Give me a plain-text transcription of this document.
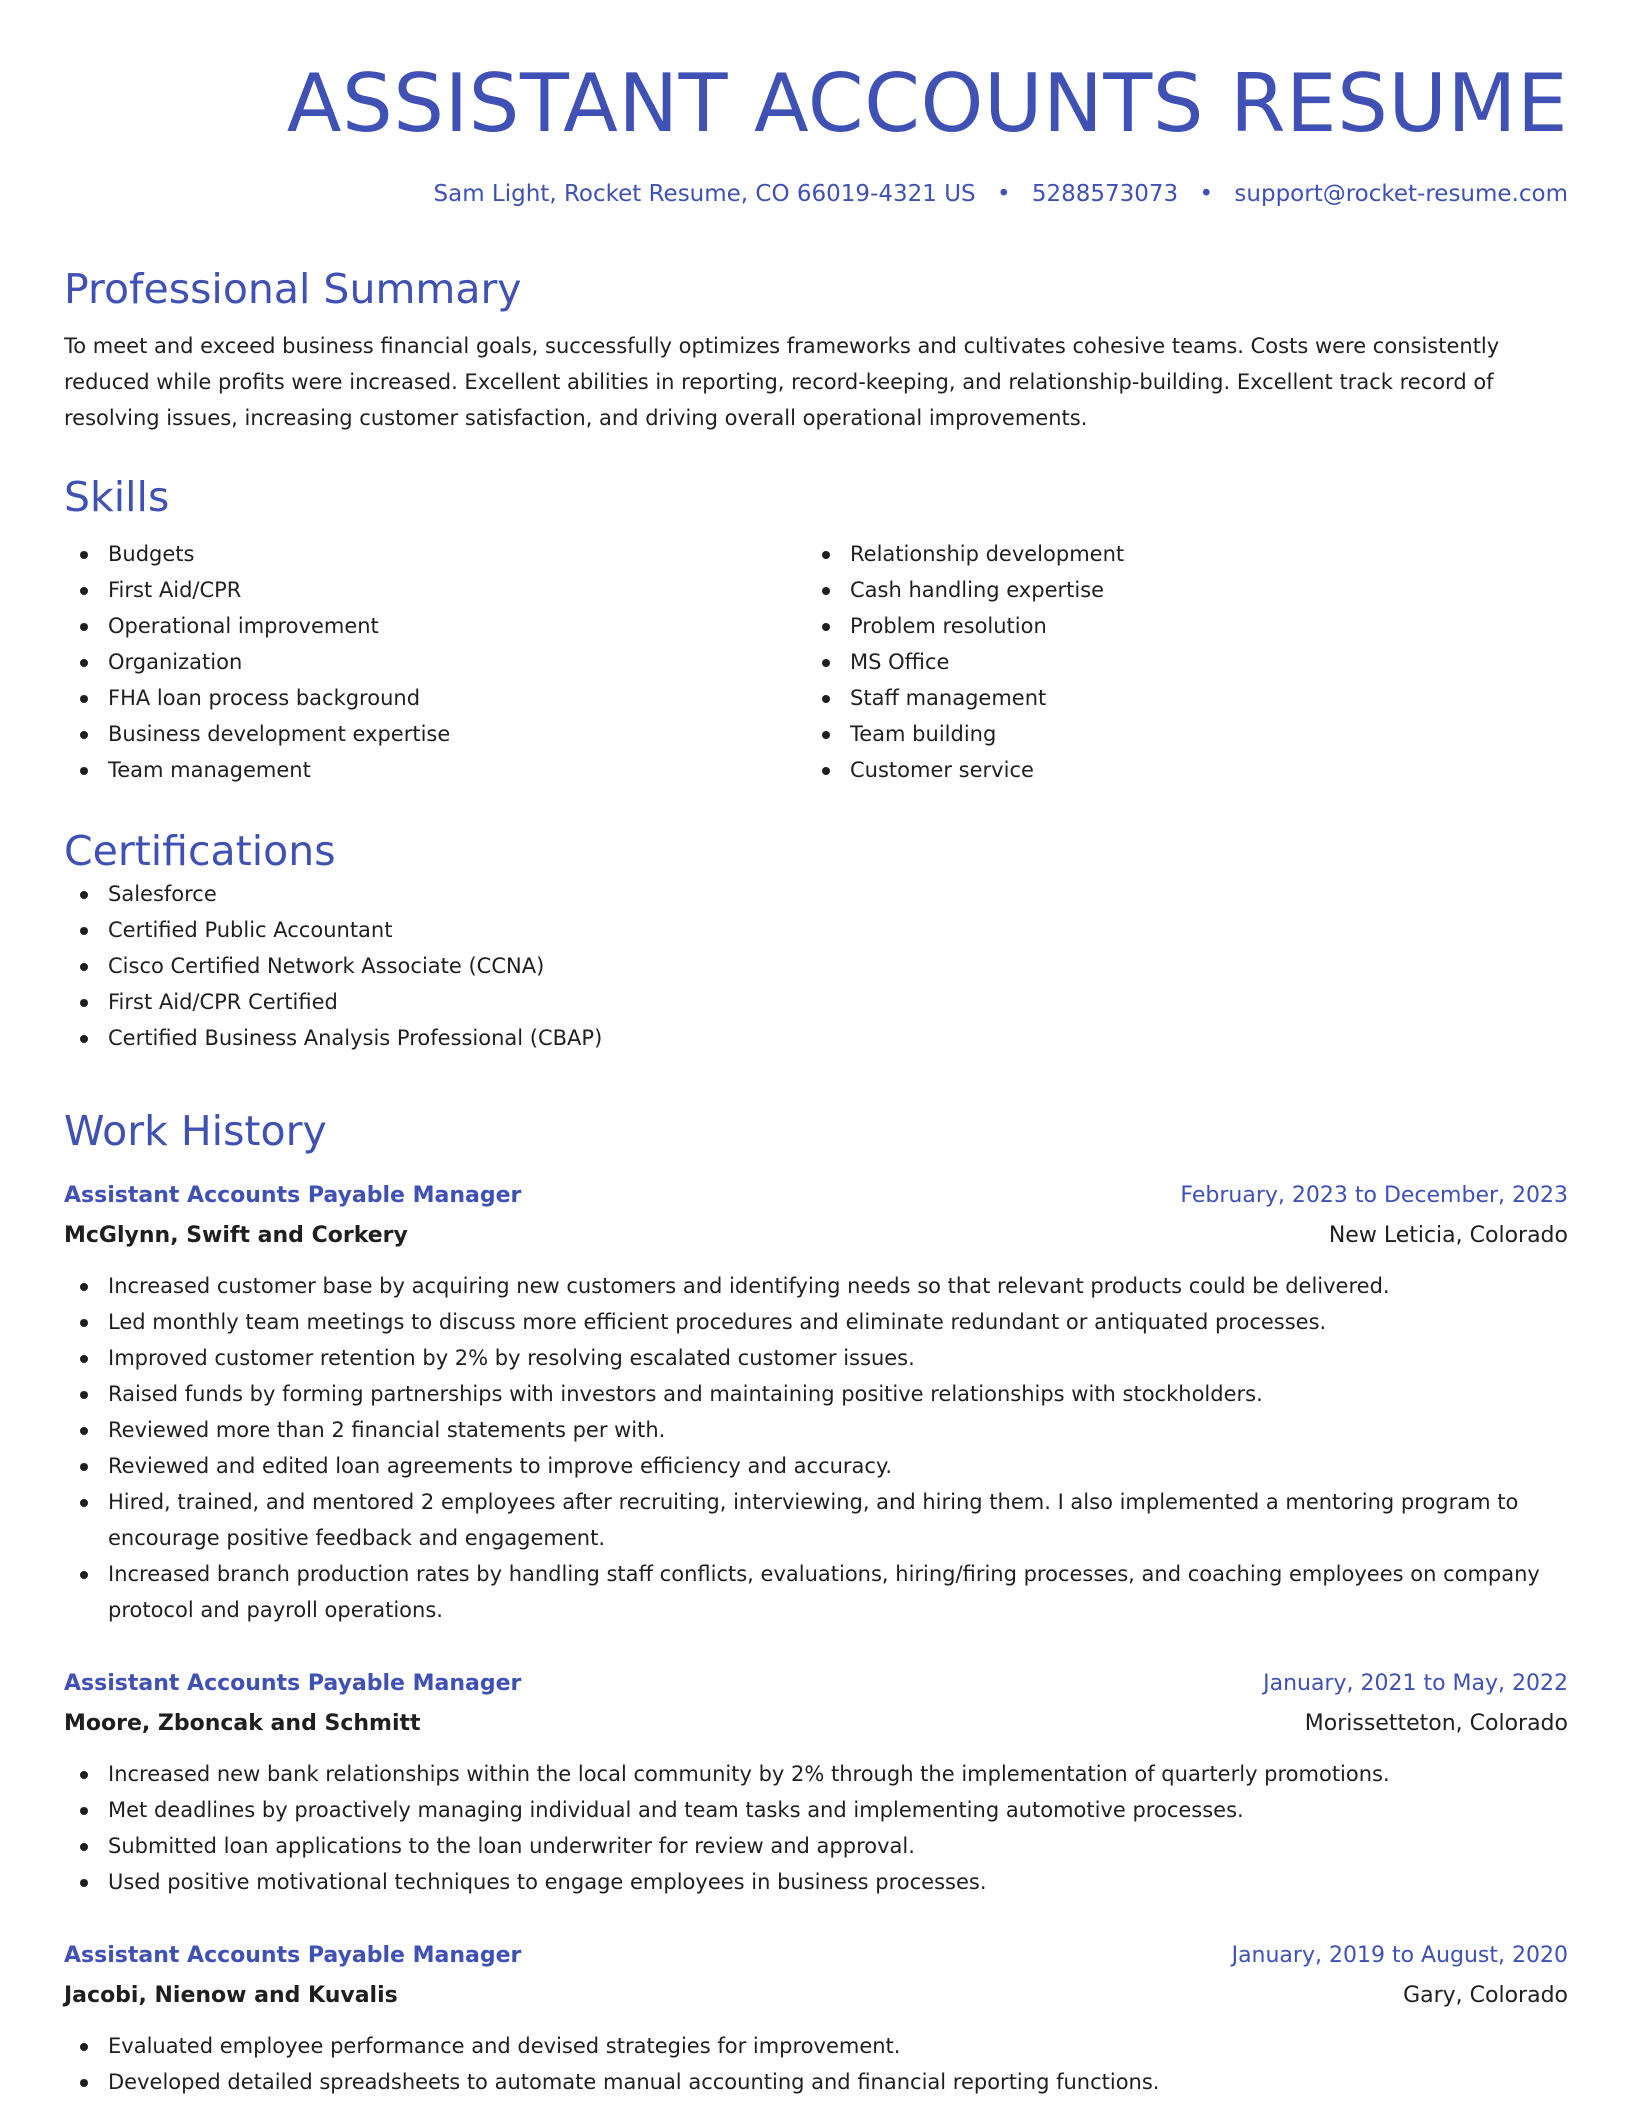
ASSISTANT ACCOUNTS RESUME
Sam Light, Rocket Resume, CO 66019-4321 US • 5288573073 • support@rocket-resume.com
Professional Summary

To meet and exceed business financial goals, successfully optimizes frameworks and cultivates cohesive teams. Costs were consistently reduced while profits were increased. Excellent abilities in reporting, record-keeping, and relationship-building. Excellent track record of resolving issues, increasing customer satisfaction, and driving overall operational improvements.

Skills
Budgets
First Aid/CPR
Operational improvement
Organization
FHA loan process background
Business development expertise
Team management
Relationship development
Cash handling expertise
Problem resolution
MS Office
Staff management
Team building
Customer service
Certifications
Salesforce
Certified Public Accountant
Cisco Certified Network Associate (CCNA)
First Aid/CPR Certified
Certified Business Analysis Professional (CBAP)
Work History
Assistant Accounts Payable Manager	February, 2023 to December, 2023
McGlynn, Swift and Corkery	New Leticia, Colorado
Increased customer base by acquiring new customers and identifying needs so that relevant products could be delivered.
Led monthly team meetings to discuss more efficient procedures and eliminate redundant or antiquated processes.
Improved customer retention by 2% by resolving escalated customer issues.
Raised funds by forming partnerships with investors and maintaining positive relationships with stockholders.
Reviewed more than 2 financial statements per with.
Reviewed and edited loan agreements to improve efficiency and accuracy.
Hired, trained, and mentored 2 employees after recruiting, interviewing, and hiring them. I also implemented a mentoring program to encourage positive feedback and engagement.
Increased branch production rates by handling staff conflicts, evaluations, hiring/firing processes, and coaching employees on company protocol and payroll operations.
Assistant Accounts Payable Manager	January, 2021 to May, 2022
Moore, Zboncak and Schmitt	Morissetteton, Colorado
Increased new bank relationships within the local community by 2% through the implementation of quarterly promotions.
Met deadlines by proactively managing individual and team tasks and implementing automotive processes.
Submitted loan applications to the loan underwriter for review and approval.
Used positive motivational techniques to engage employees in business processes.
Assistant Accounts Payable Manager	January, 2019 to August, 2020
Jacobi, Nienow and Kuvalis	Gary, Colorado
Evaluated employee performance and devised strategies for improvement.
Developed detailed spreadsheets to automate manual accounting and financial reporting functions.
